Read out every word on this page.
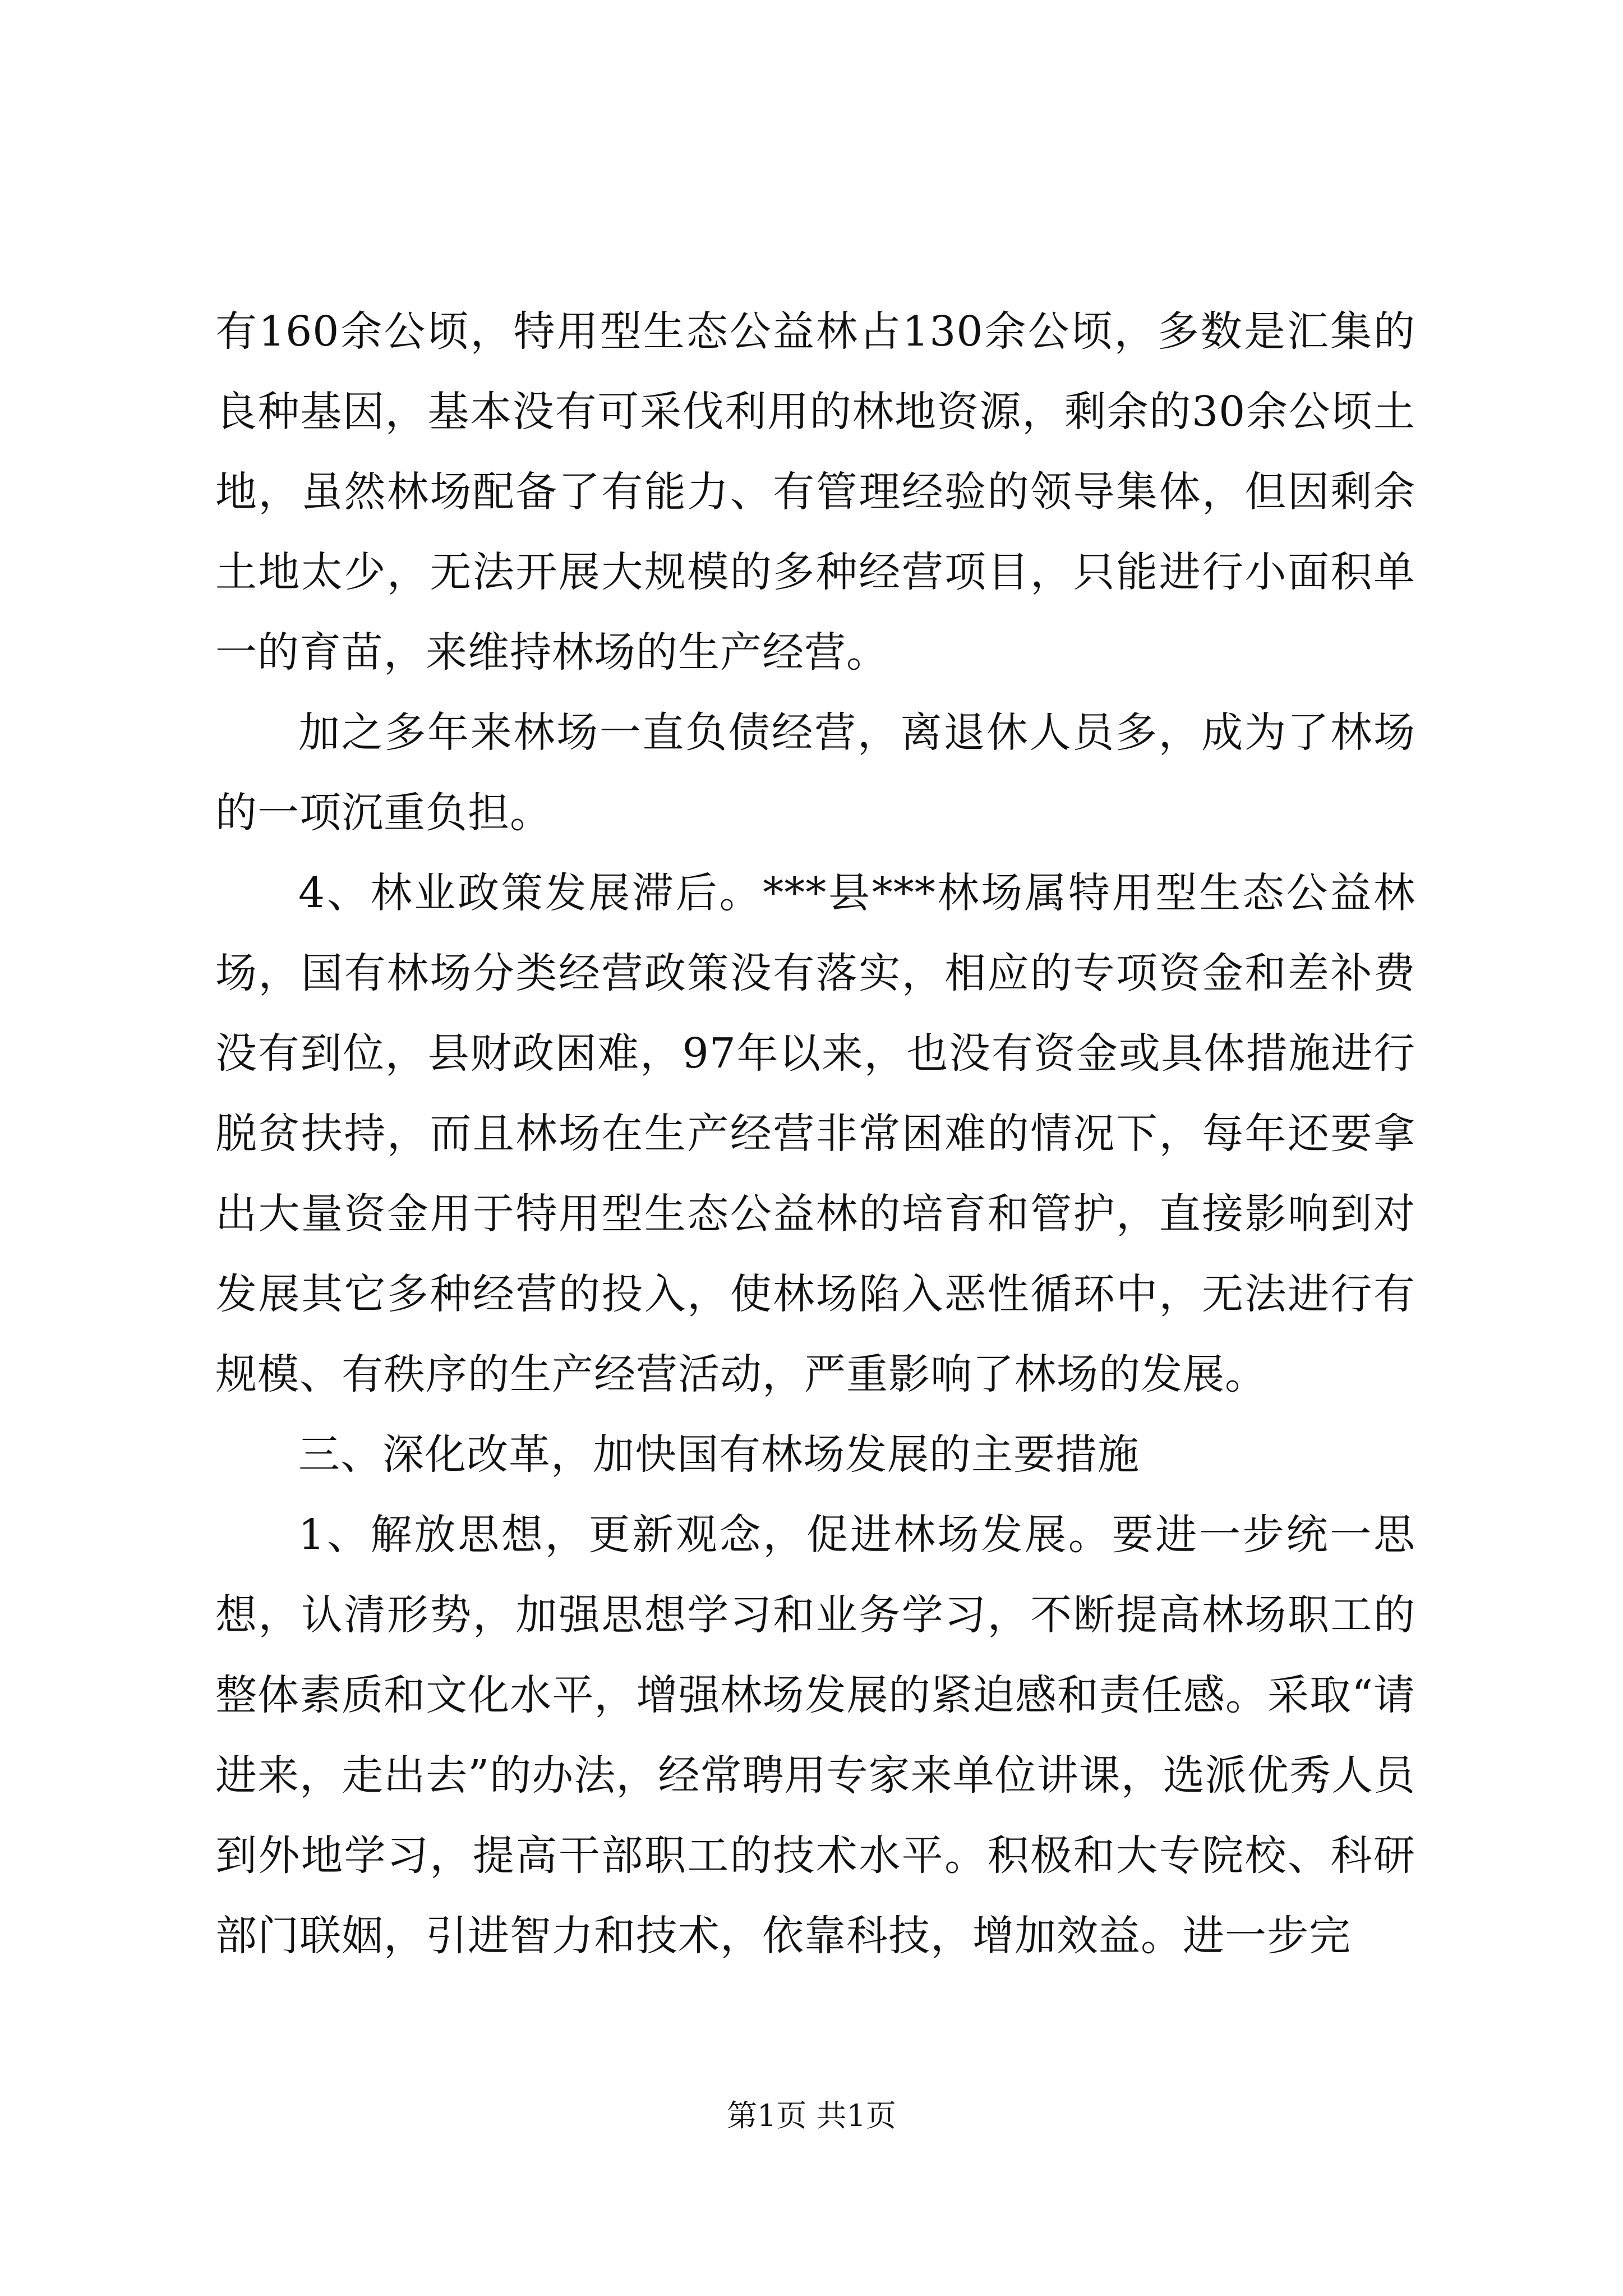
有160余公顷，特用型生态公益林占130余公顷，多数是汇集的良种基因，基本没有可采伐利用的林地资源，剩余的30余公顷土地，虽然林场配备了有能力、有管理经验的领导集体，但因剩余土地太少，无法开展大规模的多种经营项目，只能进行小面积单一的育苗，来维持林场的生产经营。

加之多年来林场一直负债经营，离退休人员多，成为了林场的一项沉重负担。

4、林业政策发展滞后。***县***林场属特用型生态公益林场，国有林场分类经营政策没有落实，相应的专项资金和差补费没有到位，县财政困难，97年以来，也没有资金或具体措施进行脱贫扶持，而且林场在生产经营非常困难的情况下，每年还要拿出大量资金用于特用型生态公益林的培育和管护，直接影响到对发展其它多种经营的投入，使林场陷入恶性循环中，无法进行有规模、有秩序的生产经营活动，严重影响了林场的发展。

三、深化改革，加快国有林场发展的主要措施

1、解放思想，更新观念，促进林场发展。要进一步统一思想，认清形势，加强思想学习和业务学习，不断提高林场职工的整体素质和文化水平，增强林场发展的紧迫感和责任感。采取“请进来，走出去”的办法，经常聘用专家来单位讲课，选派优秀人员到外地学习，提高干部职工的技术水平。积极和大专院校、科研部门联姻，引进智力和技术，依靠科技，增加效益。进一步完

第1页 共1页
